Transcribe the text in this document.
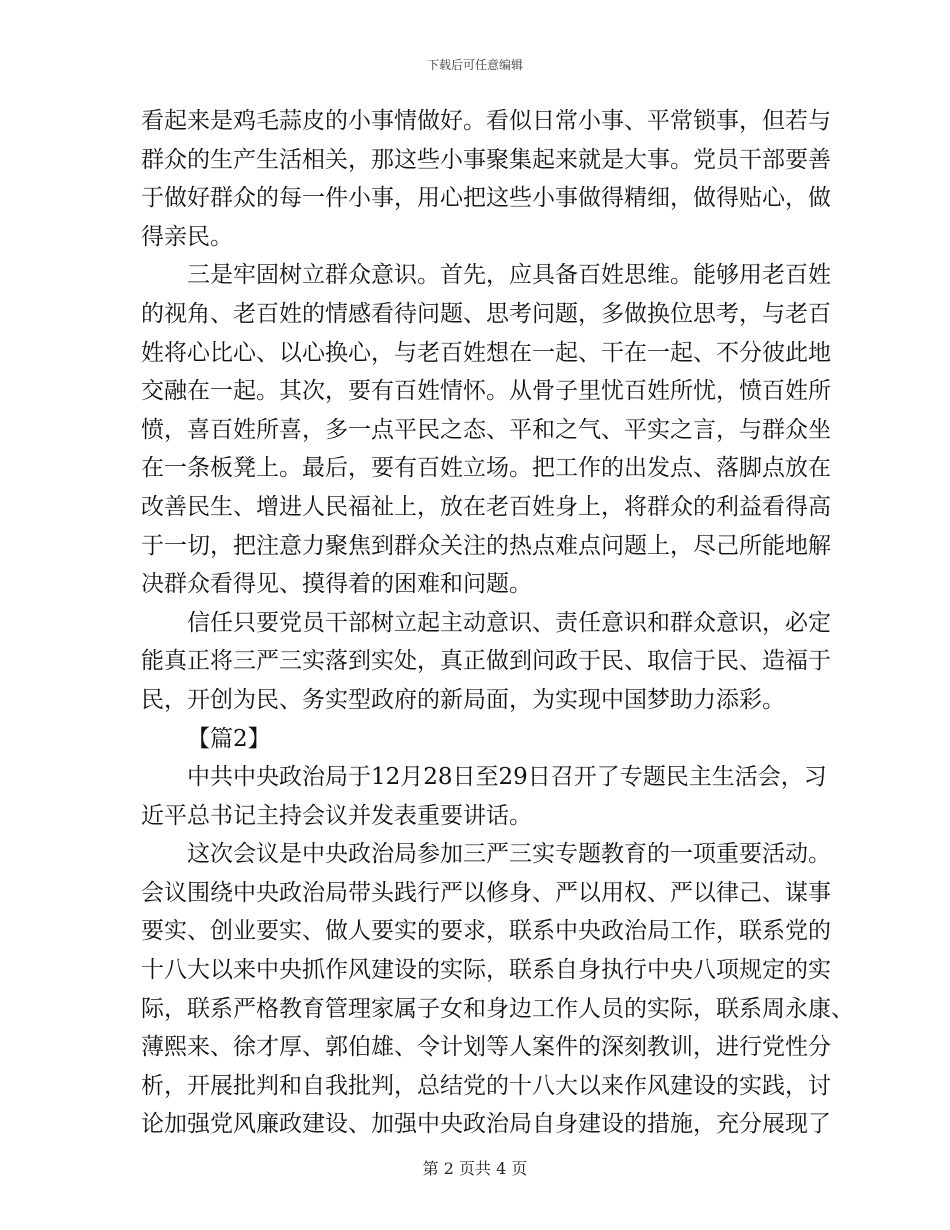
下载后可任意编辑
看起来是鸡毛蒜皮的小事情做好。看似日常小事、平常锁事，但若与
群众的生产生活相关，那这些小事聚集起来就是大事。党员干部要善
于做好群众的每一件小事，用心把这些小事做得精细，做得贴心，做
得亲民。
三是牢固树立群众意识。首先，应具备百姓思维。能够用老百姓
的视角、老百姓的情感看待问题、思考问题，多做换位思考，与老百
姓将心比心、以心换心，与老百姓想在一起、干在一起、不分彼此地
交融在一起。其次，要有百姓情怀。从骨子里忧百姓所忧，愤百姓所
愤，喜百姓所喜，多一点平民之态、平和之气、平实之言，与群众坐
在一条板凳上。最后，要有百姓立场。把工作的出发点、落脚点放在
改善民生、增进人民福祉上，放在老百姓身上，将群众的利益看得高
于一切，把注意力聚焦到群众关注的热点难点问题上，尽己所能地解
决群众看得见、摸得着的困难和问题。
信任只要党员干部树立起主动意识、责任意识和群众意识，必定
能真正将三严三实落到实处，真正做到问政于民、取信于民、造福于
民，开创为民、务实型政府的新局面，为实现中国梦助力添彩。
【篇2】
中共中央政治局于12月28日至29日召开了专题民主生活会，习
近平总书记主持会议并发表重要讲话。
这次会议是中央政治局参加三严三实专题教育的一项重要活动。
会议围绕中央政治局带头践行严以修身、严以用权、严以律己、谋事
要实、创业要实、做人要实的要求，联系中央政治局工作，联系党的
十八大以来中央抓作风建设的实际，联系自身执行中央八项规定的实
际，联系严格教育管理家属子女和身边工作人员的实际，联系周永康、
薄熙来、徐才厚、郭伯雄、令计划等人案件的深刻教训，进行党性分
析，开展批判和自我批判，总结党的十八大以来作风建设的实践，讨
论加强党风廉政建设、加强中央政治局自身建设的措施，充分展现了
第 2 页共 4 页
